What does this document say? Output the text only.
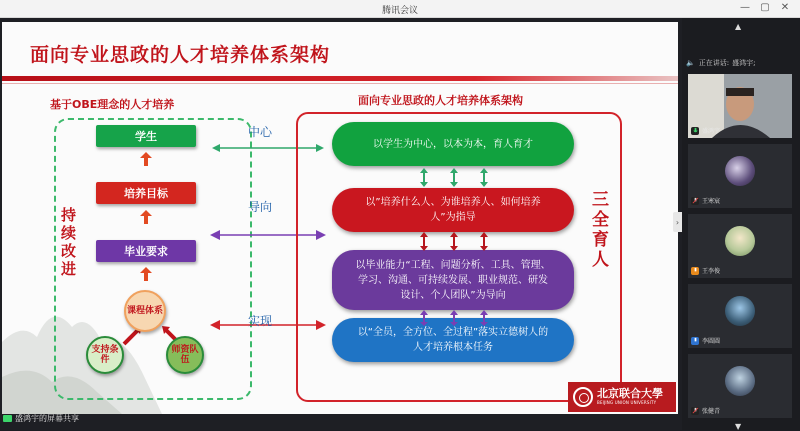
腾讯会议	— ▢ ✕
面向专业思政的人才培养体系架构
基于OBE理念的人才培养
持续改进
学生
培养目标
毕业要求
课程体系
支持条件
师资队伍
中心
导向
实现
面向专业思政的人才培养体系架构
三全育人
以学生为中心，以本为本，育人育才
以”培养什么人、为谁培养人、如何培养人”为指导
以毕业能力“工程、问题分析、工具、管理、学习、沟通、可持续发展、职业规范、研发设计、个人团队”为导向
以“全员，全方位、全过程”落实立德树人的人才培养根本任务
北京联合大學
BEIJING UNION UNIVERSITY
›
▲
🔈 正在讲话: 盛鸿宇;
盛鸿宇
王寒宸
王李俊
李圆圆
张健青
▼
盛鸿宇的屏幕共享
